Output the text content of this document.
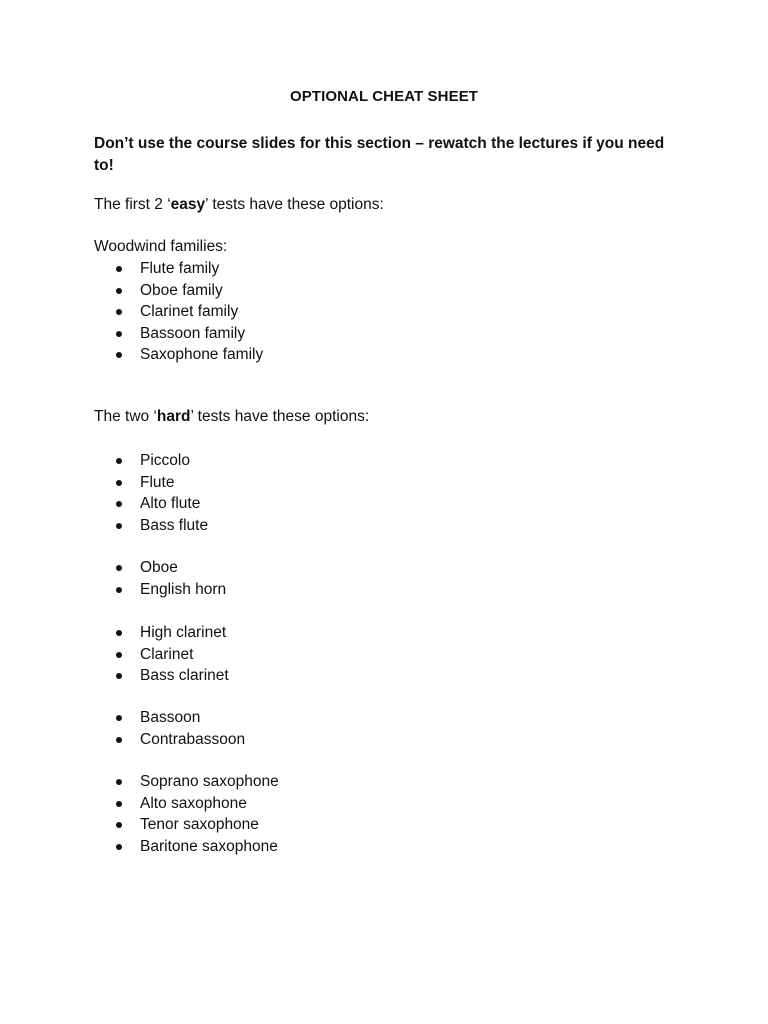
OPTIONAL CHEAT SHEET
Don’t use the course slides for this section – rewatch the lectures if you need to!
The first 2 ‘easy’ tests have these options:
Woodwind families:
Flute family
Oboe family
Clarinet family
Bassoon family
Saxophone family
The two ‘hard’ tests have these options:
Piccolo
Flute
Alto flute
Bass flute
Oboe
English horn
High clarinet
Clarinet
Bass clarinet
Bassoon
Contrabassoon
Soprano saxophone
Alto saxophone
Tenor saxophone
Baritone saxophone
